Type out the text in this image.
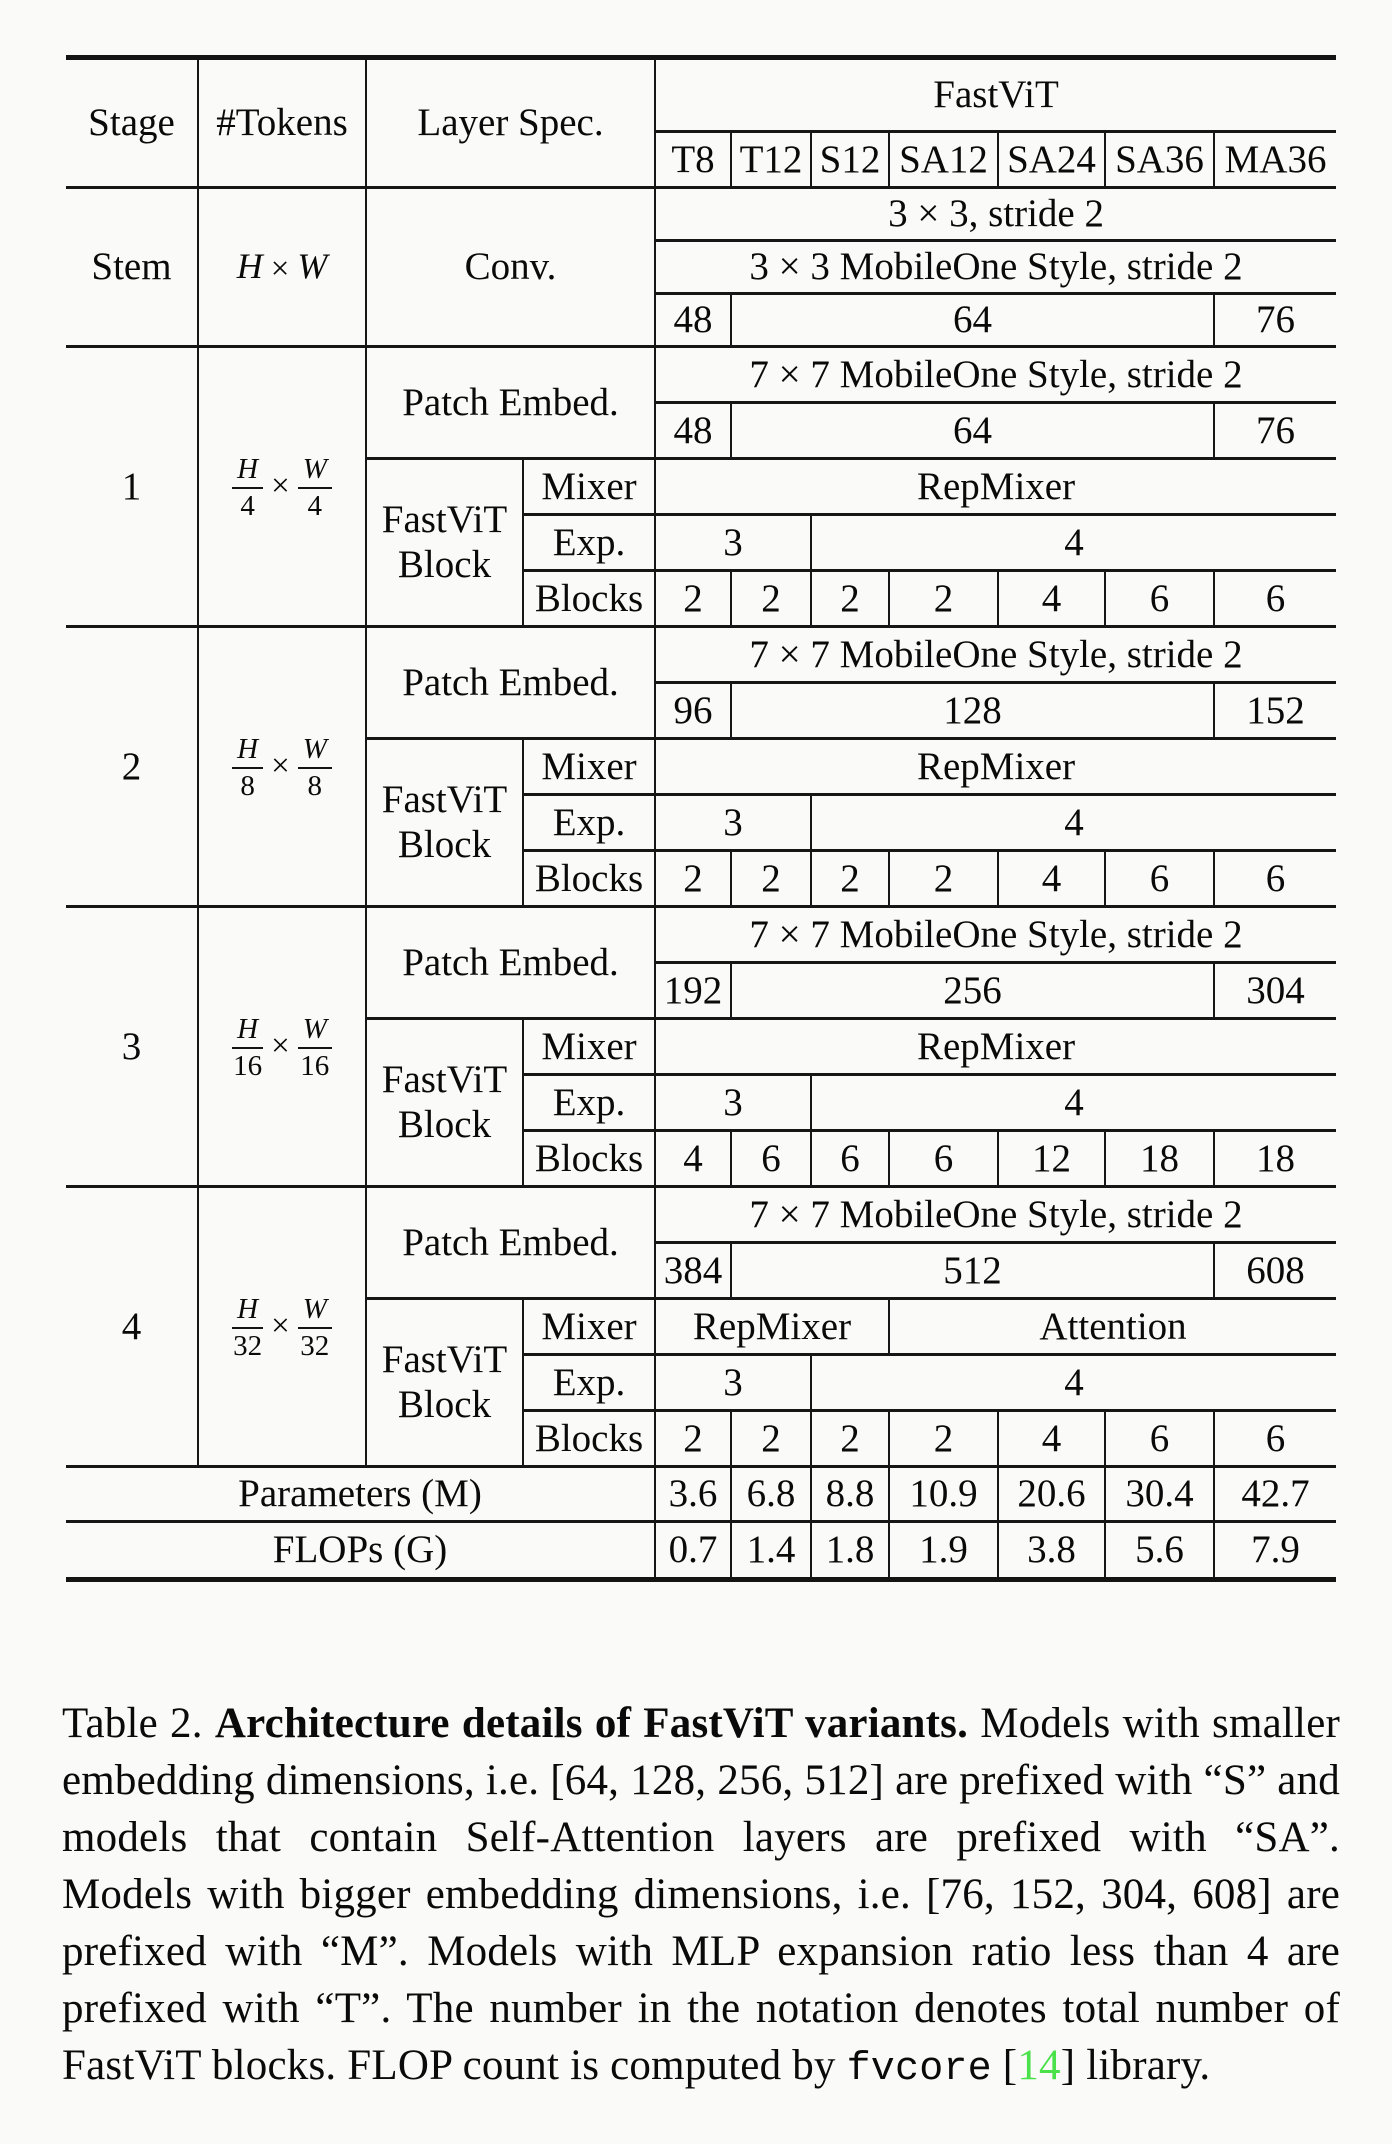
Stage	#Tokens	Layer Spec.		FastViT						
				T8	T12	S12	SA12	SA24	SA36	MA36
Stem	H × W	Conv.		3 × 3, stride 2						
				3 × 3 MobileOne Style, stride 2						
				48	64					76
1	$\frac{H}{4} \times \frac{W}{4}$	Patch Embed.		7 × 7 MobileOne Style, stride 2						
				48	64					76
		FastViT Block	Mixer	RepMixer						
			Exp.	3		4				
			Blocks	2	2	2	2	4	6	6
2	$\frac{H}{8} \times \frac{W}{8}$	Patch Embed.		7 × 7 MobileOne Style, stride 2						
				96	128					152
		FastViT Block	Mixer	RepMixer						
			Exp.	3		4				
			Blocks	2	2	2	2	4	6	6
3	$\frac{H}{16} \times \frac{W}{16}$	Patch Embed.		7 × 7 MobileOne Style, stride 2						
				192	256					304
		FastViT Block	Mixer	RepMixer						
			Exp.	3		4				
			Blocks	4	6	6	6	12	18	18
4	$\frac{H}{32} \times \frac{W}{32}$	Patch Embed.		7 × 7 MobileOne Style, stride 2						
				384	512					608
		FastViT Block	Mixer	RepMixer			Attention			
			Exp.	3		4				
			Blocks	2	2	2	2	4	6	6
Parameters (M)				3.6	6.8	8.8	10.9	20.6	30.4	42.7
FLOPs (G)				0.7	1.4	1.8	1.9	3.8	5.6	7.9

Table 2. Architecture details of FastViT variants. Models with smaller embedding dimensions, i.e. [64, 128, 256, 512] are prefixed with “S” and models that contain Self-Attention layers are prefixed with “SA”. Models with bigger embedding dimensions, i.e. [76, 152, 304, 608] are prefixed with “M”. Models with MLP expansion ratio less than 4 are prefixed with “T”. The number in the notation denotes total number of FastViT blocks. FLOP count is computed by fvcore [14] library.
